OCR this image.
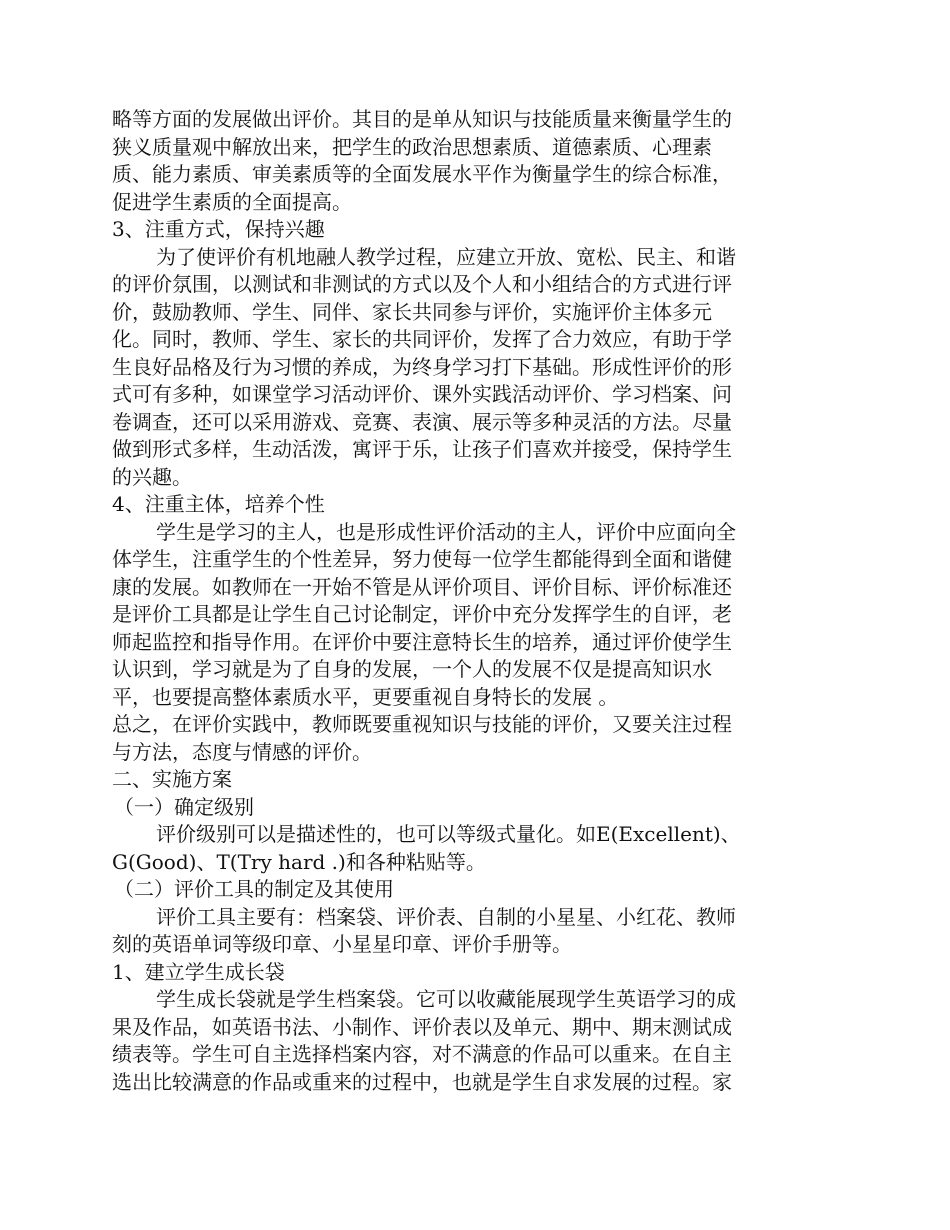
略等方面的发展做出评价。其目的是单从知识与技能质量来衡量学生的
狭义质量观中解放出来，把学生的政治思想素质、道德素质、心理素
质、能力素质、审美素质等的全面发展水平作为衡量学生的综合标准，
促进学生素质的全面提高。
3、注重方式，保持兴趣
为了使评价有机地融人教学过程，应建立开放、宽松、民主、和谐
的评价氛围，以测试和非测试的方式以及个人和小组结合的方式进行评
价，鼓励教师、学生、同伴、家长共同参与评价，实施评价主体多元
化。同时，教师、学生、家长的共同评价，发挥了合力效应，有助于学
生良好品格及行为习惯的养成，为终身学习打下基础。形成性评价的形
式可有多种，如课堂学习活动评价、课外实践活动评价、学习档案、问
卷调查，还可以采用游戏、竞赛、表演、展示等多种灵活的方法。尽量
做到形式多样，生动活泼，寓评于乐，让孩子们喜欢并接受，保持学生
的兴趣。
4、注重主体，培养个性
学生是学习的主人，也是形成性评价活动的主人，评价中应面向全
体学生，注重学生的个性差异，努力使每一位学生都能得到全面和谐健
康的发展。如教师在一开始不管是从评价项目、评价目标、评价标准还
是评价工具都是让学生自己讨论制定，评价中充分发挥学生的自评，老
师起监控和指导作用。在评价中要注意特长生的培养，通过评价使学生
认识到，学习就是为了自身的发展，一个人的发展不仅是提高知识水
平，也要提高整体素质水平，更要重视自身特长的发展 。
总之，在评价实践中，教师既要重视知识与技能的评价，又要关注过程
与方法，态度与情感的评价。
二、实施方案
（一）确定级别
评价级别可以是描述性的，也可以等级式量化。如E(Excellent)、
G(Good)、T(Try hard .)和各种粘贴等。
（二）评价工具的制定及其使用
评价工具主要有：档案袋、评价表、自制的小星星、小红花、教师
刻的英语单词等级印章、小星星印章、评价手册等。
1、建立学生成长袋
学生成长袋就是学生档案袋。它可以收藏能展现学生英语学习的成
果及作品，如英语书法、小制作、评价表以及单元、期中、期末测试成
绩表等。学生可自主选择档案内容，对不满意的作品可以重来。在自主
选出比较满意的作品或重来的过程中，也就是学生自求发展的过程。家
